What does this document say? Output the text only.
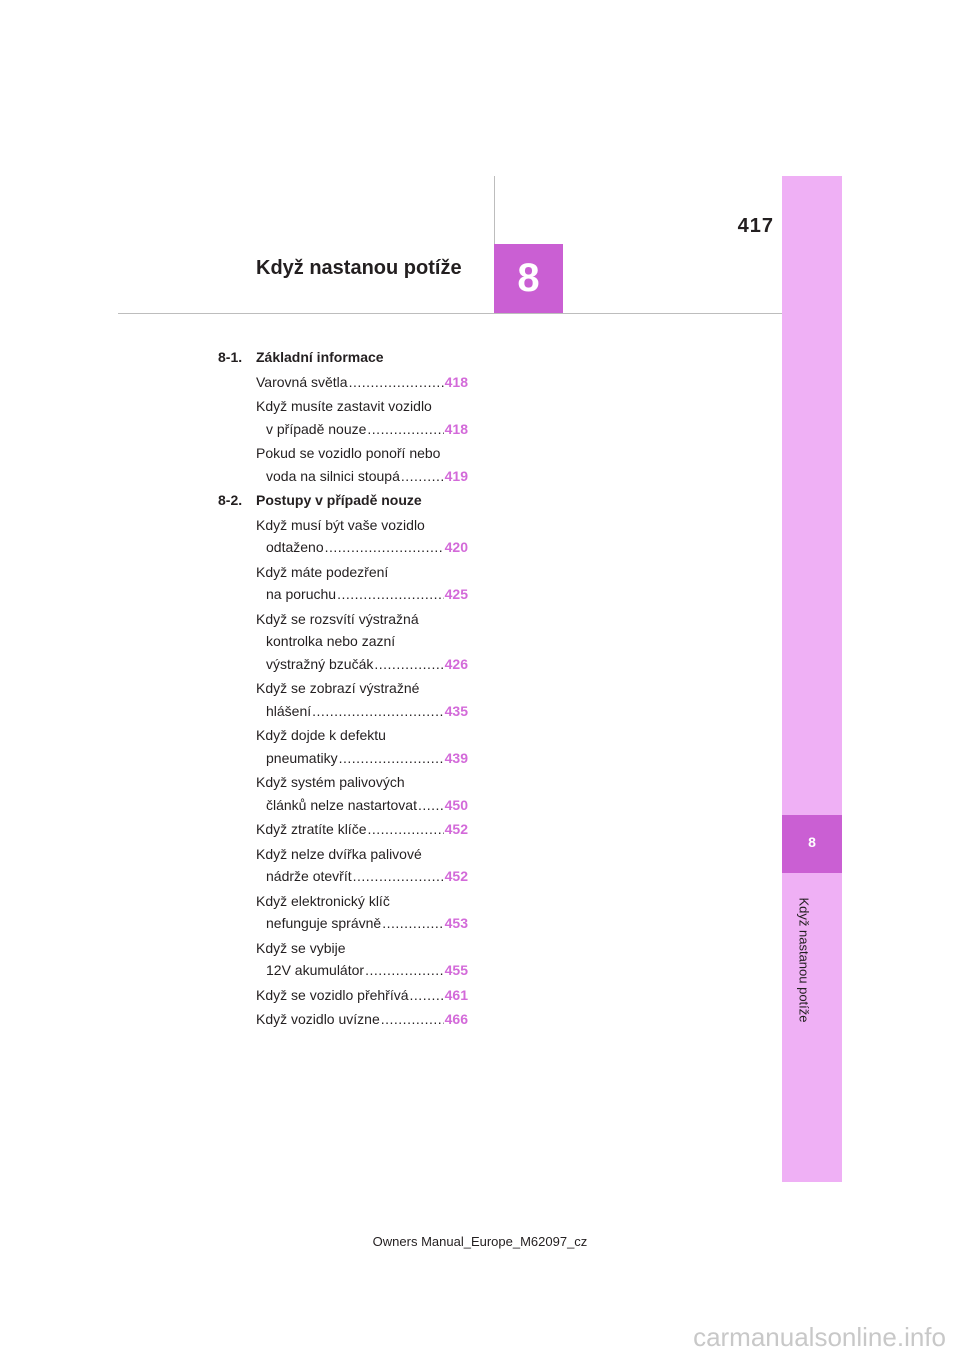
8
Když nastanou potíže
8
417
Když nastanou potíže
8-1. Základní informace
Varovná světla .....	418
Když musíte zastavit vozidlo
v případě nouze .....	418
Pokud se vozidlo ponoří nebo
voda na silnici stoupá .....	419
8-2. Postupy v případě nouze
Když musí být vaše vozidlo
odtaženo .....	420
Když máte podezření
na poruchu .....	425
Když se rozsvítí výstražná
kontrolka nebo zazní
výstražný bzučák .....	426
Když se zobrazí výstražné
hlášení .....	435
Když dojde k defektu
pneumatiky .....	439
Když systém palivových
článků nelze nastartovat ..... 450
Když ztratíte klíče .....	452
Když nelze dvířka palivové
nádrže otevřít .....	452
Když elektronický klíč
nefunguje správně .....	453
Když se vybije
12V akumulátor .....	455
Když se vozidlo přehřívá .....	461
Když vozidlo uvízne .....	466
Owners Manual_Europe_M62097_cz
carmanualsonline.info
